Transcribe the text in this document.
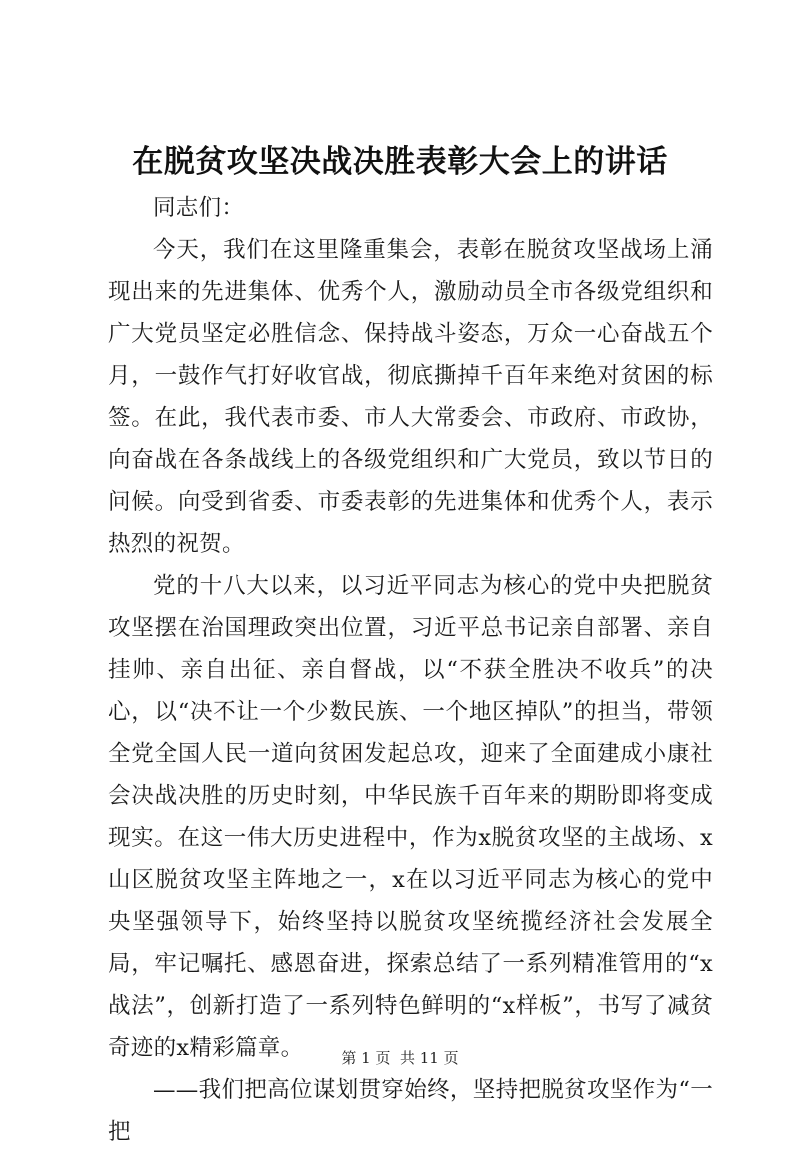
在脱贫攻坚决战决胜表彰大会上的讲话

同志们：

今天，我们在这里隆重集会，表彰在脱贫攻坚战场上涌现出来的先进集体、优秀个人，激励动员全市各级党组织和广大党员坚定必胜信念、保持战斗姿态，万众一心奋战五个月，一鼓作气打好收官战，彻底撕掉千百年来绝对贫困的标签。在此，我代表市委、市人大常委会、市政府、市政协，向奋战在各条战线上的各级党组织和广大党员，致以节日的问候。向受到省委、市委表彰的先进集体和优秀个人，表示热烈的祝贺。

党的十八大以来，以习近平同志为核心的党中央把脱贫攻坚摆在治国理政突出位置，习近平总书记亲自部署、亲自挂帅、亲自出征、亲自督战，以“不获全胜决不收兵”的决心，以“决不让一个少数民族、一个地区掉队”的担当，带领全党全国人民一道向贫困发起总攻，迎来了全面建成小康社会决战决胜的历史时刻，中华民族千百年来的期盼即将变成现实。在这一伟大历史进程中，作为x脱贫攻坚的主战场、x山区脱贫攻坚主阵地之一，x在以习近平同志为核心的党中央坚强领导下，始终坚持以脱贫攻坚统揽经济社会发展全局，牢记嘱托、感恩奋进，探索总结了一系列精准管用的“x战法”，创新打造了一系列特色鲜明的“x样板”，书写了减贫奇迹的x精彩篇章。

——我们把高位谋划贯穿始终，坚持把脱贫攻坚作为“一把

第 1 页  共 11 页
